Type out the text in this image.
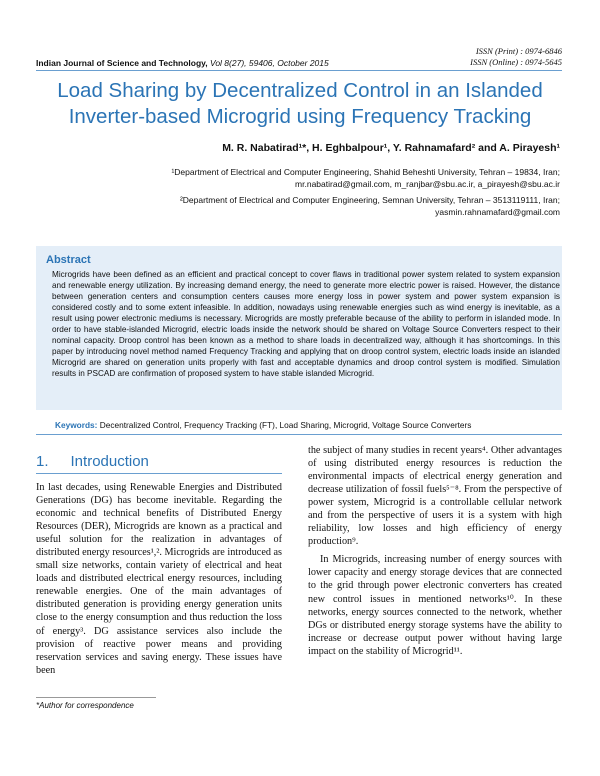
Indian Journal of Science and Technology, Vol 8(27), 59406, October 2015
ISSN (Print) : 0974-6846
ISSN (Online) : 0974-5645
Load Sharing by Decentralized Control in an Islanded
Inverter-based Microgrid using Frequency Tracking
M. R. Nabatirad¹*, H. Eghbalpour¹, Y. Rahnamafard² and A. Pirayesh¹
¹Department of Electrical and Computer Engineering, Shahid Beheshti University, Tehran – 19834, Iran;
mr.nabatirad@gmail.com, m_ranjbar@sbu.ac.ir, a_pirayesh@sbu.ac.ir
²Department of Electrical and Computer Engineering, Semnan University, Tehran – 3513119111, Iran;
yasmin.rahnamafard@gmail.com
Abstract
Microgrids have been defined as an efficient and practical concept to cover flaws in traditional power system related to system expansion and renewable energy utilization. By increasing demand energy, the need to generate more electric power is raised. However, the distance between generation centers and consumption centers causes more energy loss in power system and power system expansion is considered costly and to some extent infeasible. In addition, nowadays using renewable energies such as wind energy is inevitable, as a result using power electronic mediums is necessary. Microgrids are mostly preferable because of the ability to perform in islanded mode. In order to have stable-islanded Microgrid, electric loads inside the network should be shared on Voltage Source Converters respect to their nominal capacity. Droop control has been known as a method to share loads in decentralized way, although it has shortcomings. In this paper by introducing novel method named Frequency Tracking and applying that on droop control system, electric loads inside an islanded Microgrid are shared on generation units properly with fast and acceptable dynamics and droop control system is modified. Simulation results in PSCAD are confirmation of proposed system to have stable islanded Microgrid.
Keywords: Decentralized Control, Frequency Tracking (FT), Load Sharing, Microgrid, Voltage Source Converters
1. Introduction

In last decades, using Renewable Energies and Distributed Generations (DG) has become inevitable. Regarding the economic and technical benefits of Distributed Energy Resources (DER), Microgrids are known as a practical and useful solution for the realization in advantages of distributed energy resources¹,². Microgrids are introduced as small size networks, contain variety of electrical and heat loads and distributed electrical energy resources, including renewable energies. One of the main advantages of distributed generation is providing energy generation units close to the energy consumption and thus reduction the loss of energy³. DG assistance services also include the provision of reactive power means and providing reservation services and saving energy. These issues have been

the subject of many studies in recent years⁴. Other advantages of using distributed energy resources is reduction the environmental impacts of electrical energy generation and decrease utilization of fossil fuels⁵⁻⁸. From the perspective of power system, Microgrid is a controllable cellular network and from the perspective of users it is a system with high reliability, low losses and high efficiency of energy production⁹.

In Microgrids, increasing number of energy sources with lower capacity and energy storage devices that are connected to the grid through power electronic converters has created new control issues in mentioned networks¹⁰. In these networks, energy sources connected to the network, whether DGs or distributed energy storage systems have the ability to increase or decrease output power without having large impact on the stability of Microgrid¹¹.

*Author for correspondence
